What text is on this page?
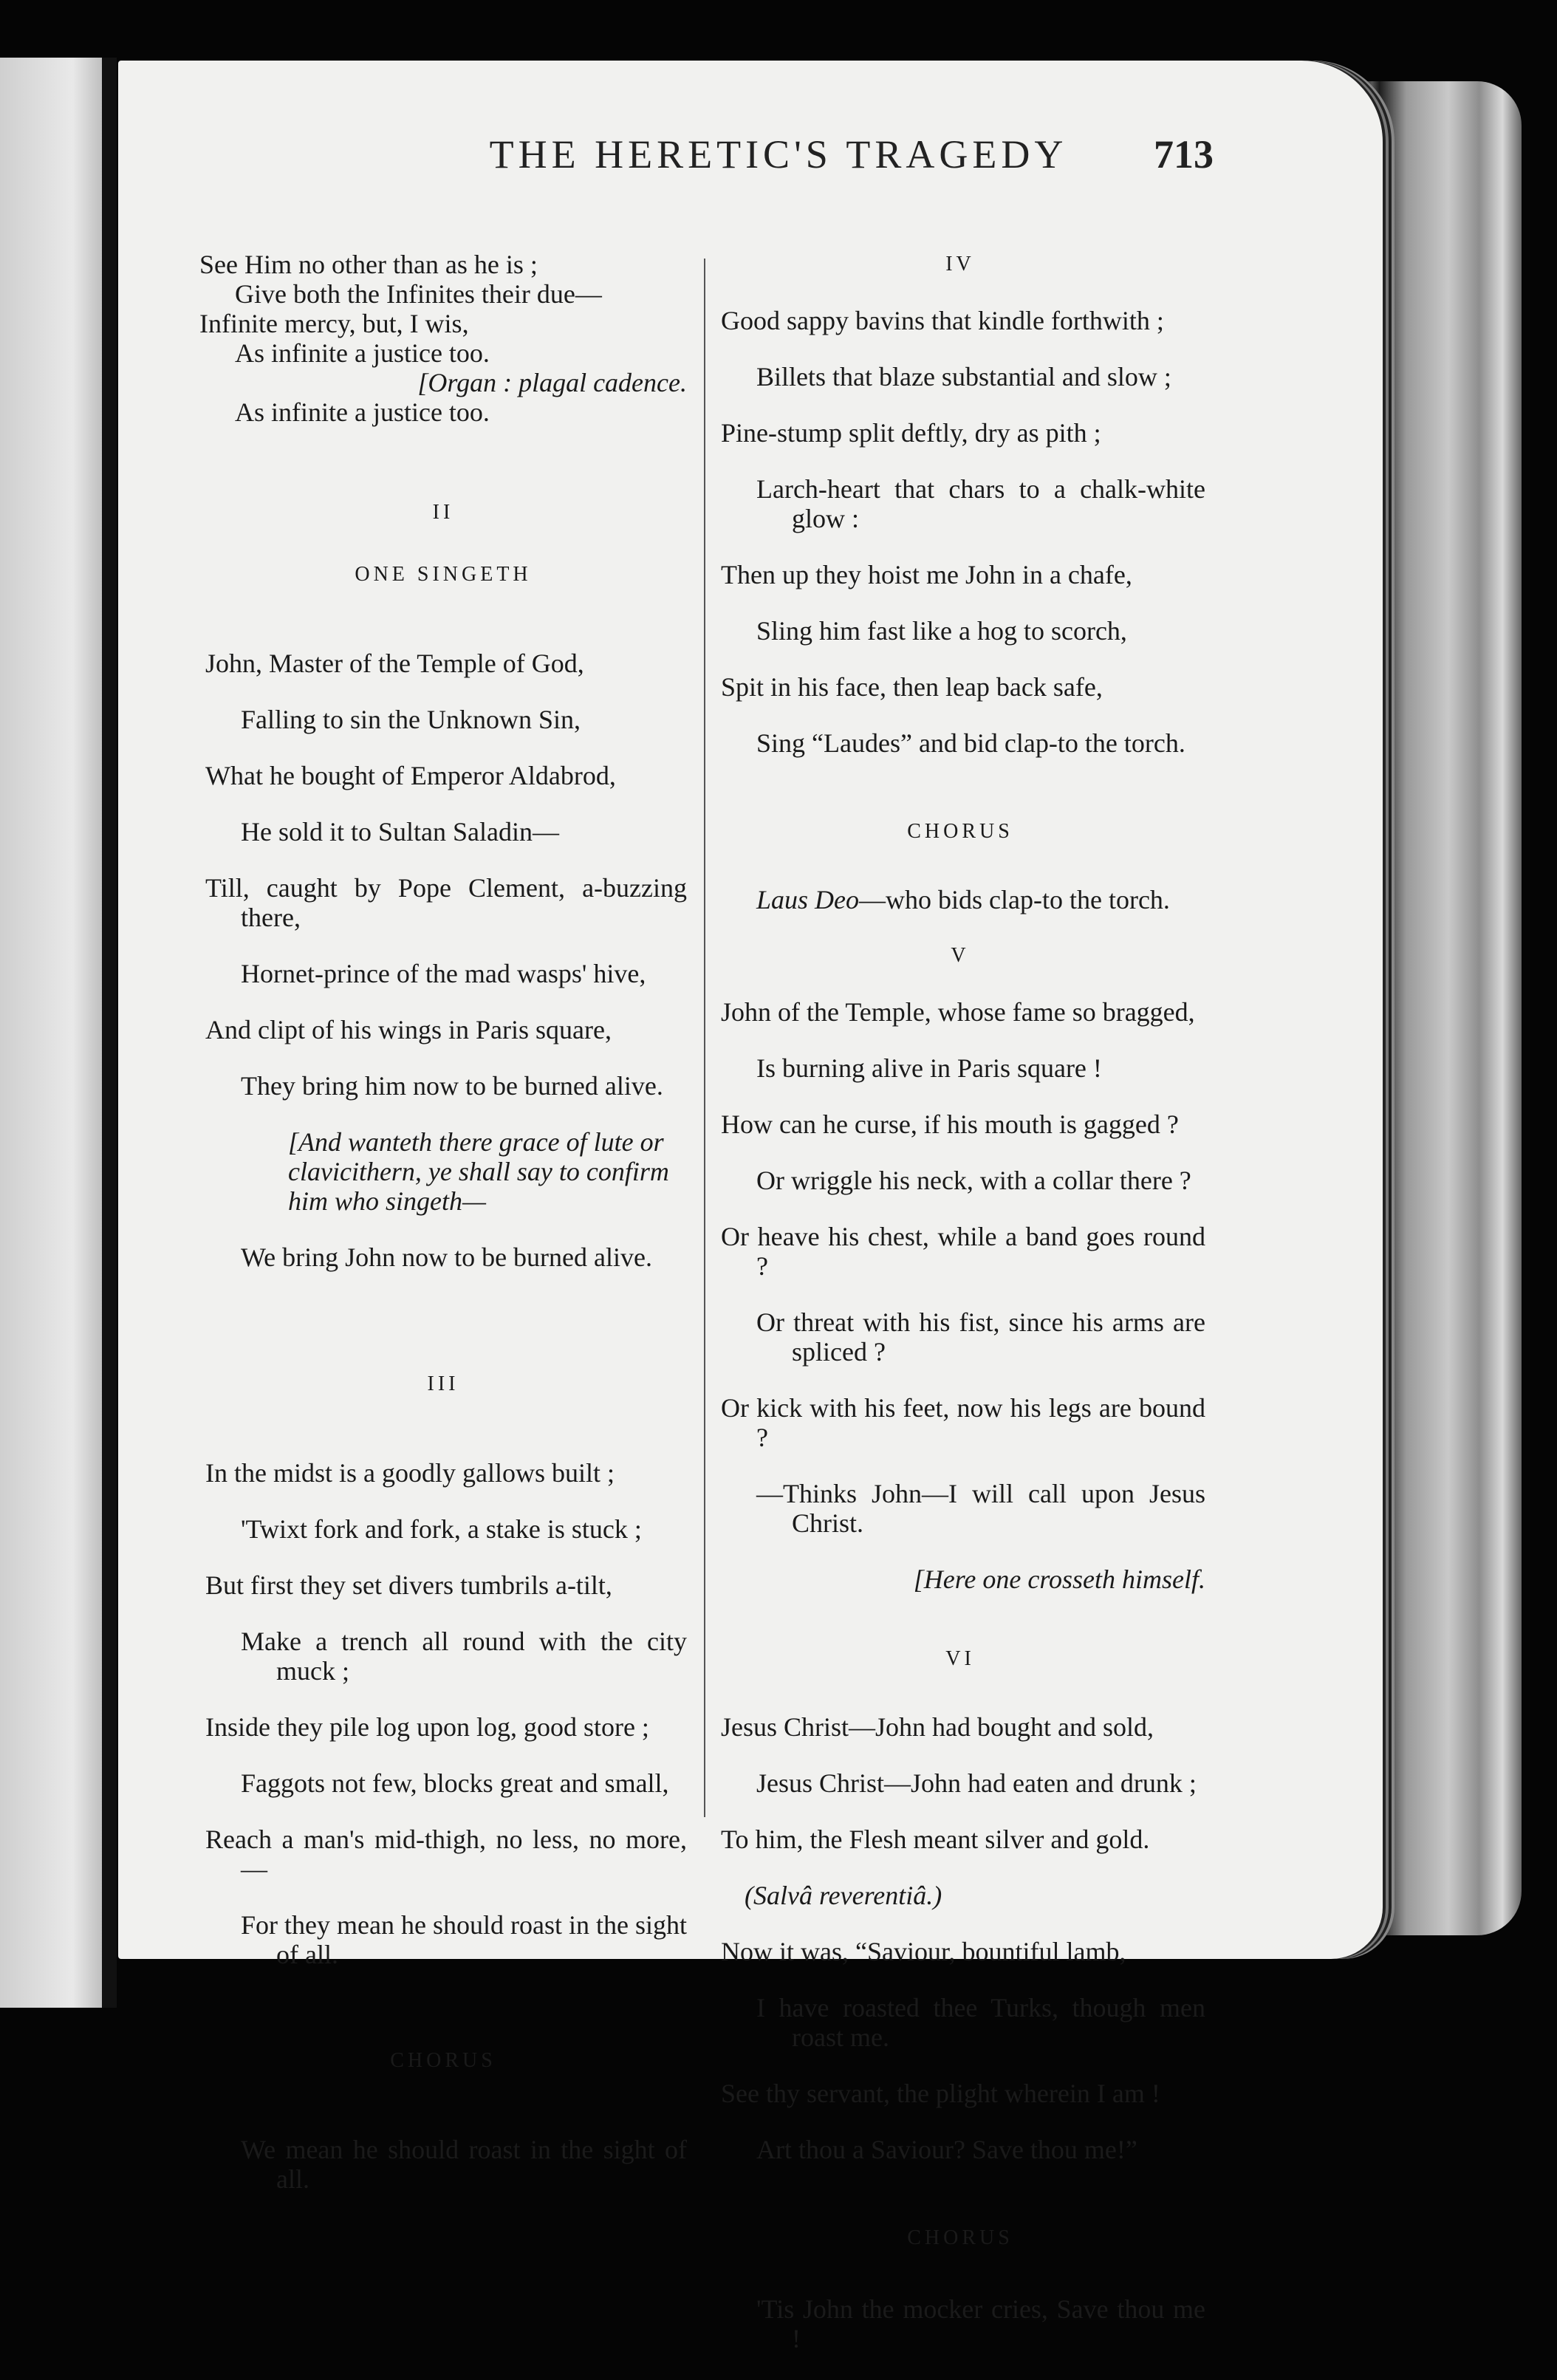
THE HERETIC'S TRAGEDY	713

See Him no other than as he is ;

Give both the Infinites their due—

Infinite mercy, but, I wis,

As infinite a justice too.

[Organ : plagal cadence.

As infinite a justice too.

II

ONE SINGETH

John, Master of the Temple of God,

Falling to sin the Unknown Sin,

What he bought of Emperor Aldabrod,

He sold it to Sultan Saladin—

Till, caught by Pope Clement, a-buzzing there,

Hornet-prince of the mad wasps' hive,

And clipt of his wings in Paris square,

They bring him now to be burned alive.

[And wanteth there grace of lute or clavicithern, ye shall say to confirm him who singeth—

We bring John now to be burned alive.

III

In the midst is a goodly gallows built ;

'Twixt fork and fork, a stake is stuck ;

But first they set divers tumbrils a-tilt,

Make a trench all round with the city muck ;

Inside they pile log upon log, good store ;

Faggots not few, blocks great and small,

Reach a man's mid-thigh, no less, no more,—

For they mean he should roast in the sight of all.

CHORUS

We mean he should roast in the sight of all.

IV

Good sappy bavins that kindle forthwith ;

Billets that blaze substantial and slow ;

Pine-stump split deftly, dry as pith ;

Larch-heart that chars to a chalk-white glow :

Then up they hoist me John in a chafe,

Sling him fast like a hog to scorch,

Spit in his face, then leap back safe,

Sing “Laudes” and bid clap-to the torch.

CHORUS

Laus Deo—who bids clap-to the torch.

V

John of the Temple, whose fame so bragged,

Is burning alive in Paris square !

How can he curse, if his mouth is gagged ?

Or wriggle his neck, with a collar there ?

Or heave his chest, while a band goes round ?

Or threat with his fist, since his arms are spliced ?

Or kick with his feet, now his legs are bound ?

—Thinks John—I will call upon Jesus Christ.

[Here one crosseth himself.

VI

Jesus Christ—John had bought and sold,

Jesus Christ—John had eaten and drunk ;

To him, the Flesh meant silver and gold.

(Salvâ reverentiâ.)

Now it was, “Saviour, bountiful lamb,

I have roasted thee Turks, though men roast me.

See thy servant, the plight wherein I am !

Art thou a Saviour? Save thou me!”

CHORUS

'Tis John the mocker cries, Save thou me !
